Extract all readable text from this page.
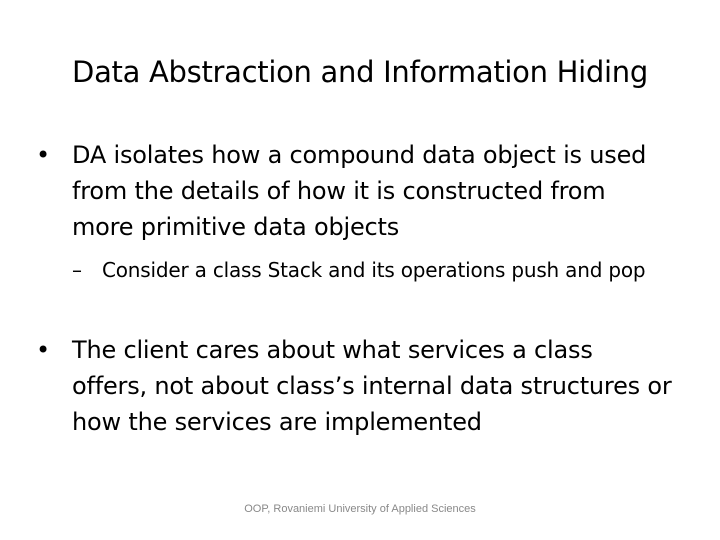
Data Abstraction and Information Hiding
• DA isolates how a compound data object is used from the details of how it is constructed from more primitive data objects
–	Consider a class Stack and its operations push and pop
• The client cares about what services a class offers, not about class’s internal data structures or how the services are implemented
OOP, Rovaniemi University of Applied Sciences
